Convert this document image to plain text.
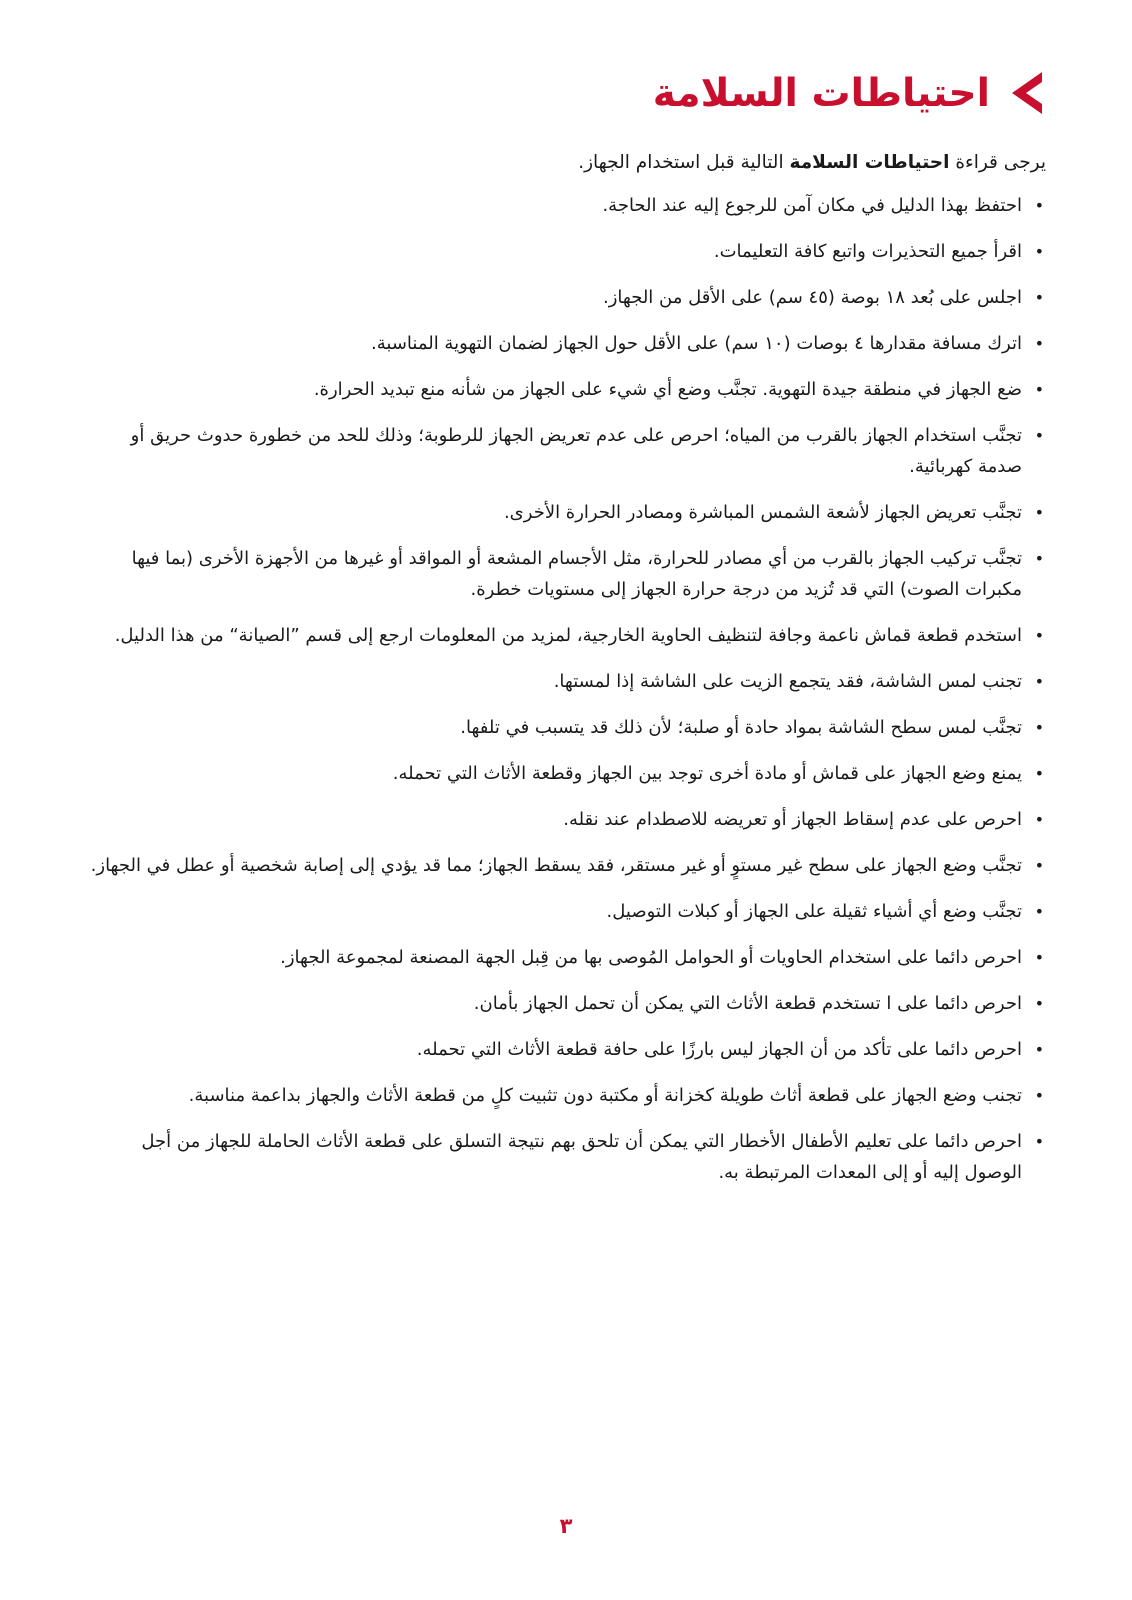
احتياطات السلامة
يرجى قراءة احتياطات السلامة التالية قبل استخدام الجهاز.
•
احتفظ بهذا الدليل في مكان آمن للرجوع إليه عند الحاجة.
•
اقرأ جميع التحذيرات واتبع كافة التعليمات.
•
اجلس على بُعد ١٨ بوصة (٤٥ سم) على الأقل من الجهاز.
•
اترك مسافة مقدارها ٤ بوصات (١٠ سم) على الأقل حول الجهاز لضمان التهوية المناسبة.
•
ضع الجهاز في منطقة جيدة التهوية. تجنَّب وضع أي شيء على الجهاز من شأنه منع تبديد الحرارة.
•
تجنَّب استخدام الجهاز بالقرب من المياه؛ احرص على عدم تعريض الجهاز للرطوبة؛ وذلك للحد من خطورة حدوث حريق أو صدمة كهربائية.
•
تجنَّب تعريض الجهاز لأشعة الشمس المباشرة ومصادر الحرارة الأخرى.
•
تجنَّب تركيب الجهاز بالقرب من أي مصادر للحرارة، مثل الأجسام المشعة أو المواقد أو غيرها من الأجهزة الأخرى (بما فيها مكبرات الصوت) التي قد تُزيد من درجة حرارة الجهاز إلى مستويات خطرة.
•
استخدم قطعة قماش ناعمة وجافة لتنظيف الحاوية الخارجية، لمزيد من المعلومات ارجع إلى قسم ”الصيانة“ من هذا الدليل.
•
تجنب لمس الشاشة، فقد يتجمع الزيت على الشاشة إذا لمستها.
•
تجنَّب لمس سطح الشاشة بمواد حادة أو صلبة؛ لأن ذلك قد يتسبب في تلفها.
•
يمنع وضع الجهاز على قماش أو مادة أخرى توجد بين الجهاز وقطعة الأثاث التي تحمله.
•
احرص على عدم إسقاط الجهاز أو تعريضه للاصطدام عند نقله.
•
تجنَّب وضع الجهاز على سطح غير مستوٍ أو غير مستقر، فقد يسقط الجهاز؛ مما قد يؤدي إلى إصابة شخصية أو عطل في الجهاز.
•
تجنَّب وضع أي أشياء ثقيلة على الجهاز أو كبلات التوصيل.
•
احرص دائما على استخدام الحاويات أو الحوامل المُوصى بها من قِبل الجهة المصنعة لمجموعة الجهاز.
•
احرص دائما على ا تستخدم قطعة الأثاث التي يمكن أن تحمل الجهاز بأمان.
•
احرص دائما على تأكد من أن الجهاز ليس بارزًا على حافة قطعة الأثاث التي تحمله.
•
تجنب وضع الجهاز على قطعة أثاث طويلة كخزانة أو مكتبة دون تثبيت كلٍ من قطعة الأثاث والجهاز بداعمة مناسبة.
•
احرص دائما على تعليم الأطفال الأخطار التي يمكن أن تلحق بهم نتيجة التسلق على قطعة الأثاث الحاملة للجهاز من أجل الوصول إليه أو إلى المعدات المرتبطة به.
٣
